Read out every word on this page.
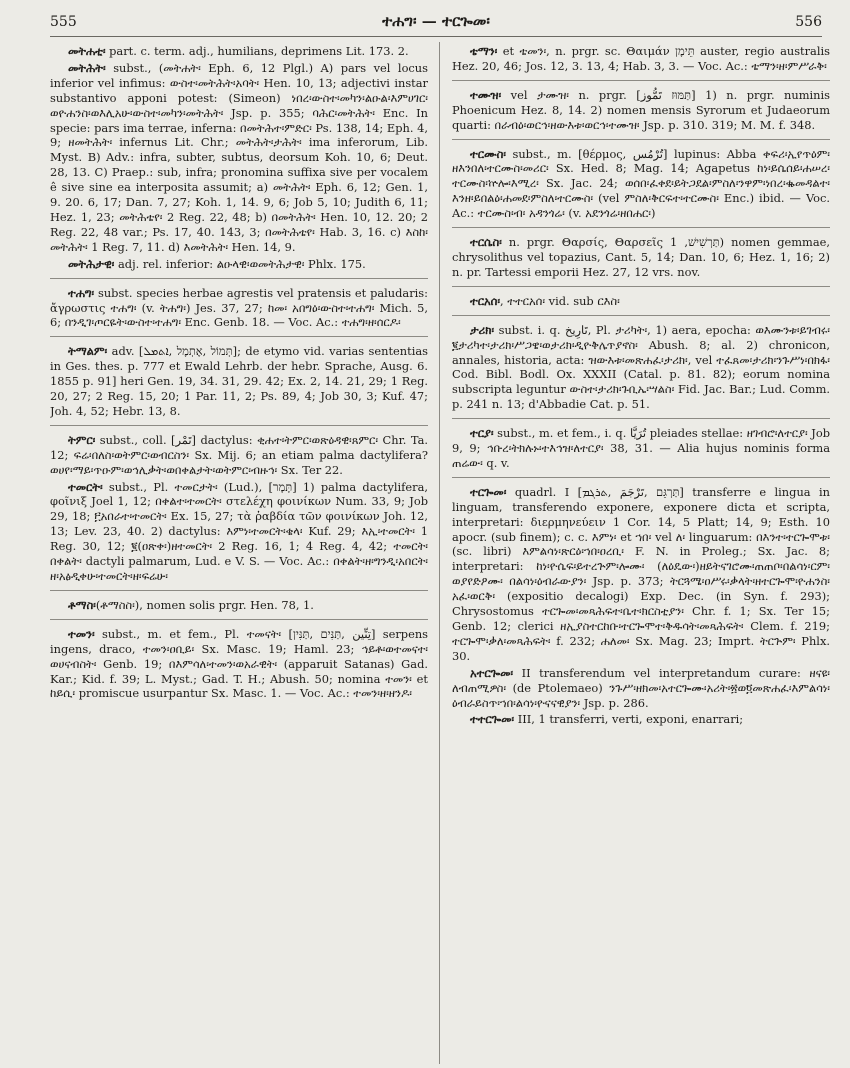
555	ተሐግ፡ — ተርጐመ፡	556

መትሐቲ፡ part. c. term. adj., humilians, deprimens Lit. 173. 2.

መትሕት፡ subst., (መትሐት፡ Eph. 6, 12 Plgl.) A) pars vel locus inferior vel infimus: ውስተ፡መትሕት፡አባት፡ Hen. 10, 13; adjectivi instar substantivo apponi potest: (Simeon) ነበረ፡ውስተ፡መካን፡ልዑል፡እምሀገር፡ወዮሐንስ፡ወእሊአሁ፡ውስተ፡መካን፡መትሕት፡ Jsp. p. 355; ባሕር፡መትሕት፡ Enc. In specie: pars ima terrae, inferna: በመትሕተ፡ምድር፡ Ps. 138, 14; Eph. 4, 9; ዘመትሕት፡ infernus Lit. Chr.; መትሕት፡ታሕት፡ ima inferorum, Lib. Myst. B) Adv.: infra, subter, subtus, deorsum Koh. 10, 6; Deut. 28, 13. C) Praep.: sub, infra; pronomina suffixa sive per vocalem ê sive sine ea interposita assumit; a) መትሕት፡ Eph. 6, 12; Gen. 1, 9. 20. 6, 17; Dan. 7, 27; Koh. 1, 14. 9, 6; Job 5, 10; Judith 6, 11; Hez. 1, 23; መትሕቴየ፡ 2 Reg. 22, 48; b) በመትሕት፡ Hen. 10, 12. 20; 2 Reg. 22, 48 var.; Ps. 17, 40. 143, 3; በመትሕቴየ፡ Hab. 3, 16. c) እስከ፡መትሕት፡ 1 Reg. 7, 11. d) እመትሕት፡ Hen. 14, 9.

መትሕታዊ፡ adj. rel. inferior: ልዑላዊ፡ወመትሕታዊ፡ Phlx. 175.

ተሐግ፡ subst. species herbae agrestis vel pratensis et paludaris: ἄγρωστις ተሐግ፡ (v. ትሐግ፡) Jes. 37, 27; ከመ፡ አበግዕ፡ውስተ፡ተሐግ፡ Mich. 5, 6; በንዲገ፡ጦርዬት፡ውስተ፡ተሐግ፡ Enc. Genb. 18. — Voc. Ac.: ተሐግ፡ዘ፡ሰርዶ፡

ትማልም፡ adv. [תְּמוֹל ,אֶתְמָל ,ܐܬܡܠ]; de etymo vid. varias sententias in Ges. thes. p. 777 et Ewald Lehrb. der hebr. Sprache, Ausg. 6. 1855 p. 91] heri Gen. 19, 34. 31, 29. 42; Ex. 2, 14. 21, 29; 1 Reg. 20, 27; 2 Reg. 15, 20; 1 Par. 11, 2; Ps. 89, 4; Job 30, 3; Kuf. 47; Joh. 4, 52; Hebr. 13, 8.

ትምር፡ subst., coll. [تَمْر] dactylus: ቂሐተ፡ትምር፡ወጽዕዳዊ፡ጸምር፡ Chr. Ta. 12; ፍሬ፡በለስ፡ወትምር፡ወብርስን፡ Sx. Mij. 6; an etiam palma dactylifera? ወሀየ፡ማይ፡ጥዑም፡ወኅሊቃት፡ወበቀልታት፡ወትምር፡ብዙኅ፡ Sx. Ter 22.

ተመርት፡ subst., Pl. ተመርታት፡ (Lud.), [תָּמָר] 1) palma dactylifera, φοῖνιξ Joel 1, 12; በቀልተ፡ተመርት፡ στελέχη φοινίκων Num. 33, 9; Job 29, 18; ፫አበራተ፡ተመርት፡ Ex. 15, 27; τὰ ῥαβδία τῶν φοινίκων Joh. 12, 13; Lev. 23, 40. 2) dactylus: እምነ፡ተመርት፡ቄላ፡ Kuf. 29; እኢ፡ተመርት፡ 1 Reg. 30, 12; ፪(ዐጽቀ፡)ዘተመርት፡ 2 Reg. 16, 1; 4 Reg. 4, 42; ተመርት፡በቀልት፡ dactyli palmarum, Lud. e V. S. — Voc. Ac.: በቀልት፡ዘ፡ግንዲ፡አበርት፡ዘ፡አፅዲቀሁ፡ተመርት፡ዘ፡ፍሬሁ፡

ቶማስ፡(ቶማስስ፡), nomen solis prgr. Hen. 78, 1.

ተመን፡ subst., m. et fem., Pl. ተመናት፡ [تِنِّين ,תַּנִּים ,תַּנִּין] serpens ingens, draco, ተመን፡ዐቢይ፡ Sx. Masc. 19; Haml. 23; ኅይቶ፡ወተመናተ፡ወሀናብስት፡ Genb. 19; በእምሳለ፡ተመን፡ወአራዊት፡ (apparuit Satanas) Gad. Kar.; Kid. f. 39; L. Myst.; Gad. T. H.; Abush. 50; nomina ተመን፡ et ከይሲ፡ promiscue usurpantur Sx. Masc. 1. — Voc. Ac.: ተመን፡ዘ፡ዘንዶ፡

ቴማን፡ et ቴመን፡, n. prgr. sc. Θαιμάν תֵּימָן auster, regio australis Hez. 20, 46; Jos. 12, 3. 13, 4; Hab. 3, 3. — Voc. Ac.: ቴማን፡ዘ፡ምሥራቅ፡

ተሙዝ፡ vel ታሙዝ፡ n. prgr. [תַּמּוּז تَمُّوز] 1) n. prgr. numinis Phoenicum Hez. 8, 14. 2) nomen mensis Syrorum et Judaeorum quarti: በራብዕ፡ወርኅ፡ዘውእቱ፡ወርኅ፡ተሙዝ፡ Jsp. p. 310. 319; M. M. f. 348.

ተርሙስ፡ subst., m. [θέρμος, تُرْمُس] lupinus: Abba ቀፍሪ፡ኢየጥዕም፡ዘእንበለ፡ተርሙስ፡መሪር፡ Sx. Hed. 8; Mag. 14; Agapetus ከነ፡ይሴሰይ፡ሐሠረ፡ተርሙስ፡ኵሎ፡እሚረ፡ Sx. Jac. 24; ወሰበ፡ፈቀደ፡ይትጋደል፡ምስለ፡ንዋም፡ነበረ፡ቈመዳልተ፡እንዘ፡ይበልዕ፡ሐመደ፡ምስለ፡ተርሙስ፡ (vel ምስለ፡ቅርፍተ፡ተርሙስ፡ Enc.) ibid. — Voc. Ac.: ተርሙስ፡ብ፡ አዳንጎሬ፡ (v. አደንጎሬ፡ዘበሐር፡)

ተርሴስ፡ n. prgr. Θαρσίς, Θαρσεῖς תַּרְשִׁישׁ, 1) nomen gemmae, chrysolithus vel topazius, Cant. 5, 14; Dan. 10, 6; Hez. 1, 16; 2) n. pr. Tartessi emporii Hez. 27, 12 vrs. nov.

ተርአሰ፡, ተተርአሰ፡ vid. sub ርእስ፡

ታሪክ፡ subst. i. q. تَارِيخ, Pl. ታሪካት፡, 1) aera, epocha: ወእሙንቱ፡ይገብሩ፡፪ታሪካተ፡ታሪክ፡ሥጋዌ፡ወታሪክ፡ዲዮቅሌጥያኖስ፡ Abush. 8; al. 2) chronicon, annales, historia, acta: ዝውእቱ፡መጽሐፈ፡ታሪክ፡, vel ተፈጸመ፡ታሪክ፡ንጉሥነ፡በክፋ፡ Cod. Bibl. Bodl. Ox. XXXII (Catal. p. 81. 82); eorum nomina subscripta leguntur ውስተ፡ታሪክ፡ጉቢኤ፡ሣልስ፡ Fid. Jac. Bar.; Lud. Comm. p. 241 n. 13; d'Abbadie Cat. p. 51.

ተርያ፡ subst., m. et fem., i. q. تُرَيَّا pleiades stellae: ዘገብሮ፡ለተርያ፡ Job 9, 9; ኅቡረ፡ትክሉኑ፡ተእኅዝ፡ለተርያ፡ 38, 31. — Alia hujus nominis forma ጠሬው፡ q. v.

ተርጐመ፡ quadrl. I [תַּרְגֵּם ,تَرْجَمَ ,ܬܪܓܡ] transferre e lingua in linguam, transferendo exponere, exponere dicta et scripta, interpretari: διερμηνεύειν 1 Cor. 14, 5 Platt; 14, 9; Esth. 10 apocr. (sub finem); c. c. እምነ፡ et ኀበ፡ vel ለ፡ linguarum: በእንተ፡ተርጐሞቱ፡ (sc. libri) እምልሳነ፡ጽርዕ፡ኀበ፡ዐረቢ፡ F. N. in Proleg.; Sx. Jac. 8; interpretari: ከነ፡ዮሴፍ፡ይተረጕም፡ሎሙ፡ (ለዕዴው፡)ዘይትናገሮሙ፡ጠጠቦ፡በልሳነ፡ርም፡ወያየድዖሙ፡ በልሳነ፡ዕብራውያን፡ Jsp. p. 373; ትርጓሜ፡ዐሥሩ፡ቃላት፡ዘተርጐሞ፡ዮሐንስ፡አፈ፡ወርቅ፡ (expositio decalogi) Exp. Dec. (in Syn. f. 293); Chrysostomus ተርጐመ፡መጻሕፍተ፡ቤተ፡ክርስቲያን፡ Chr. f. 1; Sx. Ter 15; Genb. 12; clerici ዘኢያስተርከቡ፡ተርጐሞተ፡ቅዱሳት፡መጻሕፍት፡ Clem. f. 219; ተርጐሞ፡ቃለ፡መጻሕፍት፡ f. 232; ሐለመ፡ Sx. Mag. 23; Imprt. ትርጕም፡ Phlx. 30.

አተርጐመ፡ II transferendum vel interpretandum curare: ዘናዩ፡ለብጠሚዎስ፡ (de Ptolemaeo) ንጉሥ፡ዘክመ፡አተርጐሙ፡አሪት፡፳ወ፬መጽሐፈ፡እምልሳነ፡ዕብራይስጥ፡ኀበ፡ልሳነ፡ዮናናዊያን፡ Jsp. p. 286.

ተተርጐመ፡ III, 1 transferri, verti, exponi, enarrari;
